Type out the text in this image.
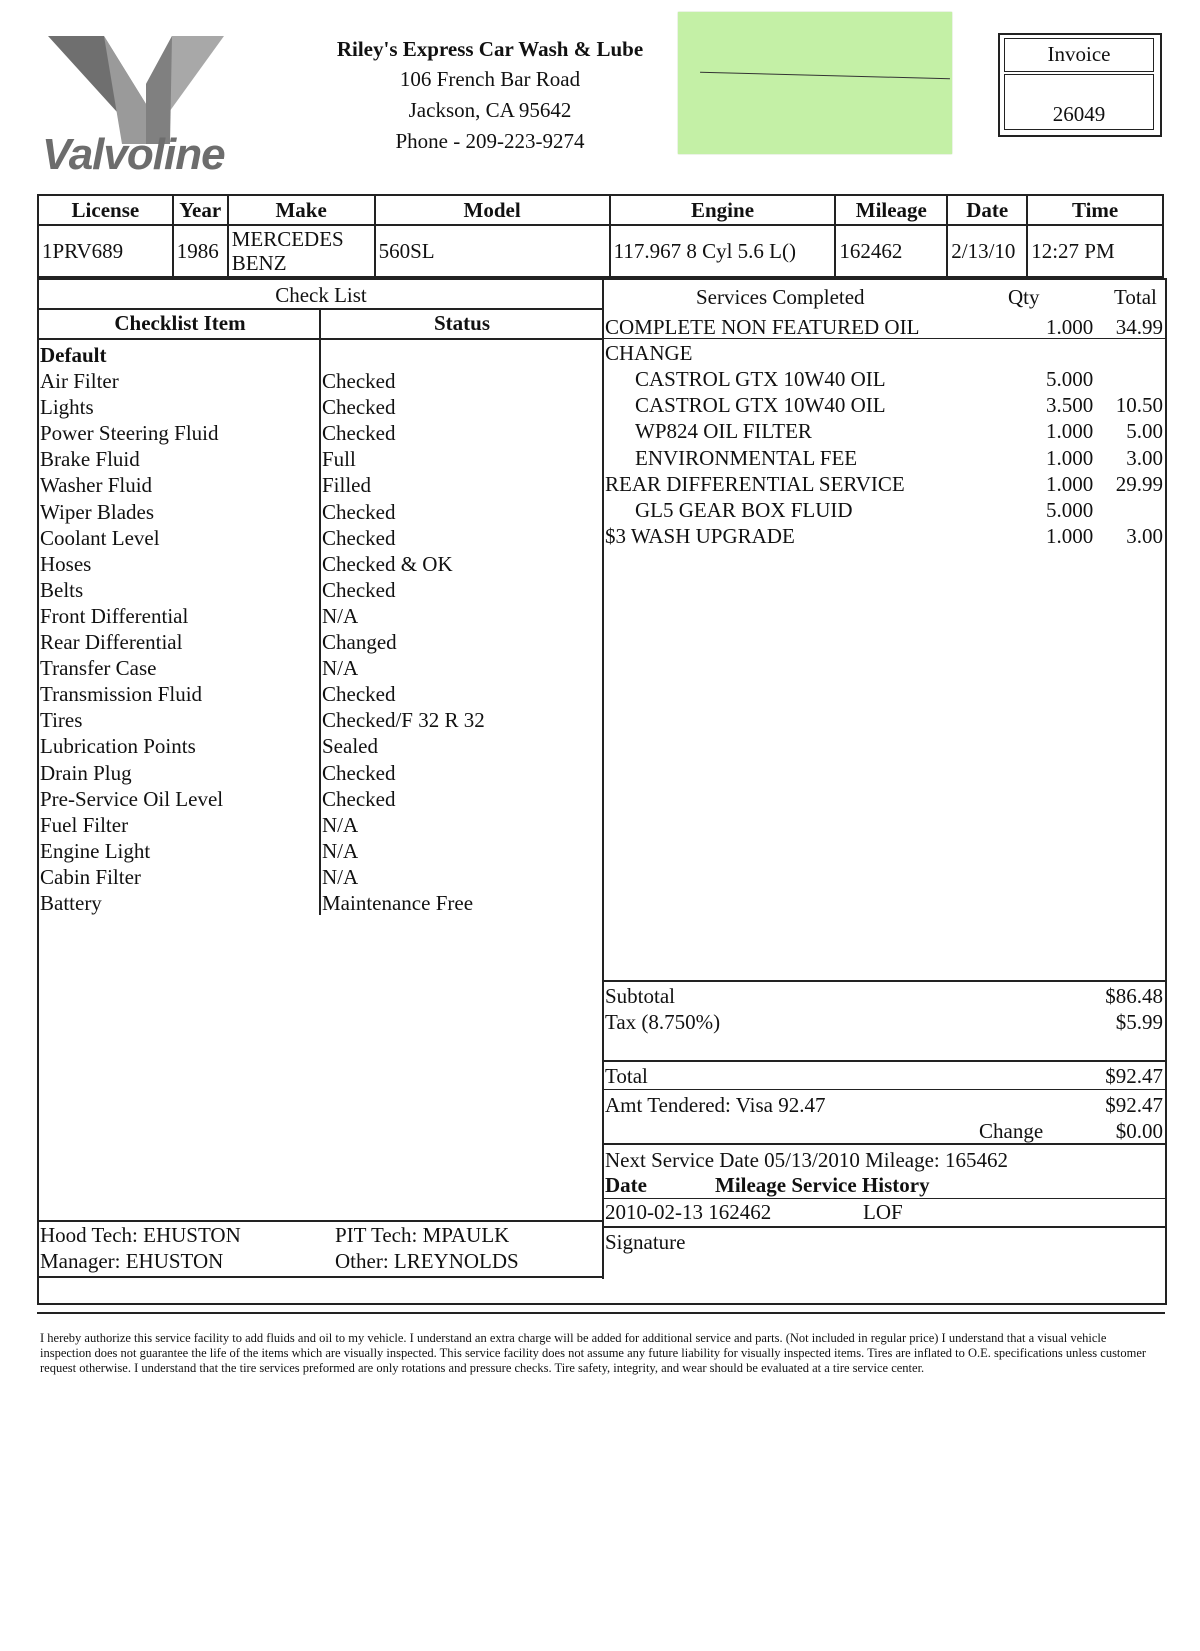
Valvoline
Riley's Express Car Wash & Lube
106 French Bar Road
Jackson, CA 95642
Phone - 209-223-9274
Invoice
26049
License	Year	Make	Model	Engine	Mileage	Date	Time
1PRV689	1986	MERCEDES BENZ	560SL	117.967 8 Cyl 5.6 L()	162462	2/13/10	12:27 PM
Check List
Checklist Item	Status
Default
Air Filter	Checked
Lights	Checked
Power Steering Fluid	Checked
Brake Fluid	Full
Washer Fluid	Filled
Wiper Blades	Checked
Coolant Level	Checked
Hoses	Checked & OK
Belts	Checked
Front Differential	N/A
Rear Differential	Changed
Transfer Case	N/A
Transmission Fluid	Checked
Tires	Checked/F 32 R 32
Lubrication Points	Sealed
Drain Plug	Checked
Pre-Service Oil Level	Checked
Fuel Filter	N/A
Engine Light	N/A
Cabin Filter	N/A
Battery	Maintenance Free
Services Completed	Qty	Total
COMPLETE NON FEATURED OIL	1.000 34.99
CHANGE
CASTROL GTX 10W40 OIL	5.000
CASTROL GTX 10W40 OIL	3.500 10.50
WP824 OIL FILTER	1.000 5.00
ENVIRONMENTAL FEE	1.000 3.00
REAR DIFFERENTIAL SERVICE	1.000 29.99
GL5 GEAR BOX FLUID	5.000
$3 WASH UPGRADE	1.000 3.00
Subtotal	$86.48
Tax (8.750%)	$5.99
Total	$92.47
Amt Tendered: Visa 92.47	$92.47
Change	$0.00
Next Service Date 05/13/2010 Mileage: 165462
Date	Mileage Service History
2010-02-13 162462	LOF
Signature
Hood Tech: EHUSTON
Manager: EHUSTON
PIT Tech: MPAULK
Other: LREYNOLDS
I hereby authorize this service facility to add fluids and oil to my vehicle. I understand an extra charge will be added for additional service and parts. (Not included in regular price) I understand that a visual vehicle inspection does not guarantee the life of the items which are visually inspected. This service facility does not assume any future liability for visually inspected items. Tires are inflated to O.E. specifications unless customer request otherwise. I understand that the tire services preformed are only rotations and pressure checks. Tire safety, integrity, and wear should be evaluated at a tire service center.
